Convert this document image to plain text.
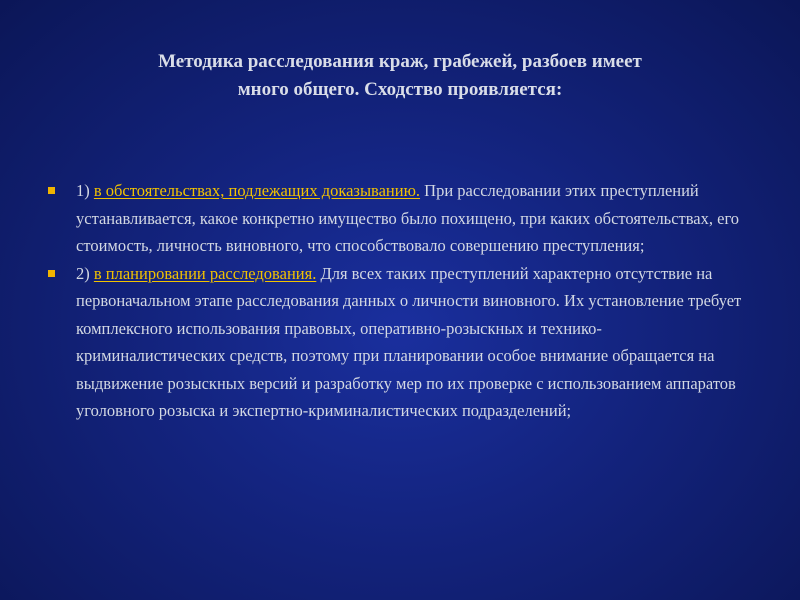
Методика расследования краж, грабежей, разбоев имеет
много общего. Сходство проявляется:
1) в обстоятельствах, подлежащих доказыванию. При расследовании этих преступлений устанавливается, какое конкретно имущество было похищено, при каких обстоятельствах, его стоимость, личность виновного, что способствовало совершению преступления;
2) в планировании расследования. Для всех таких преступлений характерно отсутствие на первоначальном этапе расследования данных о личности виновного. Их установление требует комплексного использования правовых, оперативно-розыскных и технико-криминалистических средств, поэтому при планировании особое внимание обращается на выдвижение розыскных версий и разработку мер по их проверке с использованием аппаратов уголовного розыска и экспертно-криминалистических подразделений;
